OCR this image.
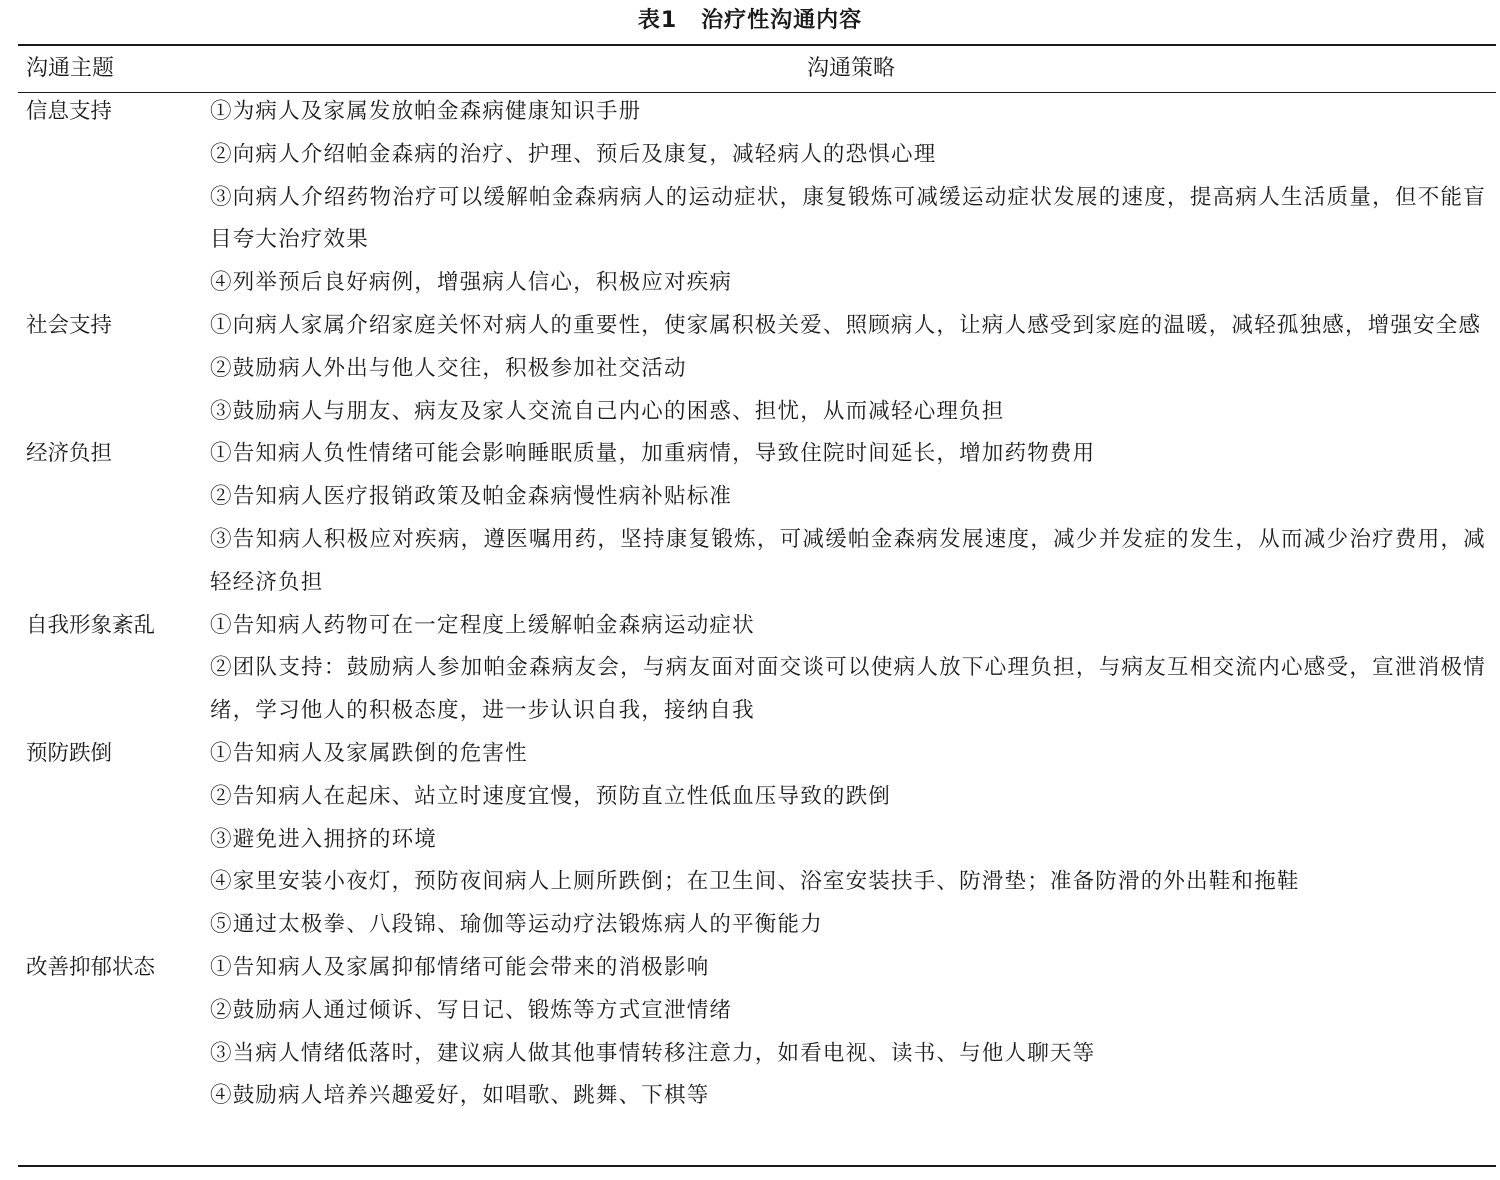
表1 治疗性沟通内容
沟通主题	沟通策略
信息支持	①为病人及家属发放帕金森病健康知识手册
②向病人介绍帕金森病的治疗、护理、预后及康复，减轻病人的恐惧心理
③向病人介绍药物治疗可以缓解帕金森病病人的运动症状，康复锻炼可减缓运动症状发展的速度，提高病人生活质量，但不能盲目夸大治疗效果
④列举预后良好病例，增强病人信心，积极应对疾病
社会支持	①向病人家属介绍家庭关怀对病人的重要性，使家属积极关爱、照顾病人，让病人感受到家庭的温暖，减轻孤独感，增强安全感
②鼓励病人外出与他人交往，积极参加社交活动
③鼓励病人与朋友、病友及家人交流自己内心的困惑、担忧，从而减轻心理负担
经济负担	①告知病人负性情绪可能会影响睡眠质量，加重病情，导致住院时间延长，增加药物费用
②告知病人医疗报销政策及帕金森病慢性病补贴标准
③告知病人积极应对疾病，遵医嘱用药，坚持康复锻炼，可减缓帕金森病发展速度，减少并发症的发生，从而减少治疗费用，减轻经济负担
自我形象紊乱	①告知病人药物可在一定程度上缓解帕金森病运动症状
②团队支持：鼓励病人参加帕金森病友会，与病友面对面交谈可以使病人放下心理负担，与病友互相交流内心感受，宣泄消极情绪，学习他人的积极态度，进一步认识自我，接纳自我
预防跌倒	①告知病人及家属跌倒的危害性
②告知病人在起床、站立时速度宜慢，预防直立性低血压导致的跌倒
③避免进入拥挤的环境
④家里安装小夜灯，预防夜间病人上厕所跌倒；在卫生间、浴室安装扶手、防滑垫；准备防滑的外出鞋和拖鞋
⑤通过太极拳、八段锦、瑜伽等运动疗法锻炼病人的平衡能力
改善抑郁状态	①告知病人及家属抑郁情绪可能会带来的消极影响
②鼓励病人通过倾诉、写日记、锻炼等方式宣泄情绪
③当病人情绪低落时，建议病人做其他事情转移注意力，如看电视、读书、与他人聊天等
④鼓励病人培养兴趣爱好，如唱歌、跳舞、下棋等
